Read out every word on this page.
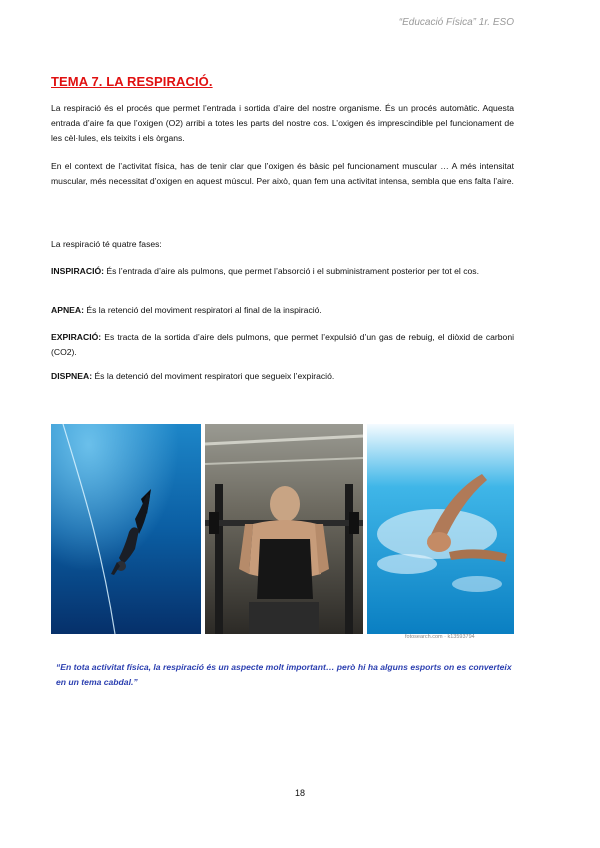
“Educació Física” 1r. ESO
TEMA 7. LA RESPIRACIÓ.

La respiració és el procés que permet l’entrada i sortida d’aire del nostre organisme. És un procés automàtic. Aquesta entrada d’aire fa que l’oxigen (O2) arribi a totes les parts del nostre cos. L’oxigen és imprescindible pel funcionament de les cèl·lules, els teixits i els òrgans.

En el context de l’activitat física, has de tenir clar que l’oxigen és bàsic pel funcionament muscular … A més intensitat muscular, més necessitat d’oxigen en aquest múscul. Per això, quan fem una activitat intensa, sembla que ens falta l’aire.

La respiració té quatre fases:

INSPIRACIÓ: És l’entrada d’aire als pulmons, que permet l’absorció i el subministrament posterior per tot el cos.

APNEA: És la retenció del moviment respiratori al final de la inspiració.

EXPIRACIÓ: Es tracta de la sortida d’aire dels pulmons, que permet l’expulsió d’un gas de rebuig, el diòxid de carboni (CO2).

DISPNEA: És la detenció del moviment respiratori que segueix l’expiració.

fotosearch.com · k13593794

“En tota activitat física, la respiració és un aspecte molt important… però hi ha alguns esports on es converteix en un tema cabdal.”

18
